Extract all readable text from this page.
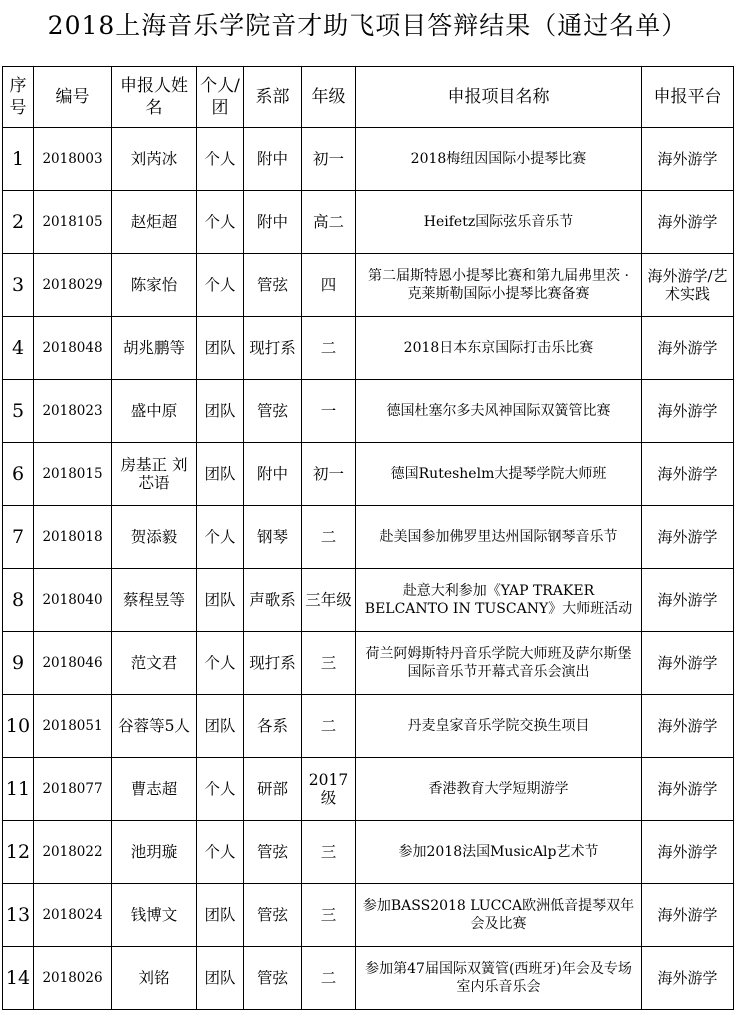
2018上海音乐学院音才助飞项目答辩结果（通过名单）
序号	编号	申报人姓名	个人/团	系部	年级	申报项目名称	申报平台
1	2018003	刘芮冰	个人	附中	初一	2018梅纽因国际小提琴比赛	海外游学
2	2018105	赵炬超	个人	附中	高二	Heifetz国际弦乐音乐节	海外游学
3	2018029	陈家怡	个人	管弦	四	第二届斯特恩小提琴比赛和第九届弗里茨 · 克莱斯勒国际小提琴比赛备赛	海外游学/艺术实践
4	2018048	胡兆鹏等	团队	现打系	二	2018日本东京国际打击乐比赛	海外游学
5	2018023	盛中原	团队	管弦	一	德国杜塞尔多夫风神国际双簧管比赛	海外游学
6	2018015	房基正 刘芯语	团队	附中	初一	德国Ruteshelm大提琴学院大师班	海外游学
7	2018018	贺添毅	个人	钢琴	二	赴美国参加佛罗里达州国际钢琴音乐节	海外游学
8	2018040	蔡程昱等	团队	声歌系	三年级	赴意大利参加《YAP TRAKER BELCANTO IN TUSCANY》大师班活动	海外游学
9	2018046	范文君	个人	现打系	三	荷兰阿姆斯特丹音乐学院大师班及萨尔斯堡国际音乐节开幕式音乐会演出	海外游学
10	2018051	谷蓉等5人	团队	各系	二	丹麦皇家音乐学院交换生项目	海外游学
11	2018077	曹志超	个人	研部	2017级	香港教育大学短期游学	海外游学
12	2018022	池玥璇	个人	管弦	三	参加2018法国MusicAlp艺术节	海外游学
13	2018024	钱博文	团队	管弦	三	参加BASS2018 LUCCA欧洲低音提琴双年会及比赛	海外游学
14	2018026	刘铭	团队	管弦	二	参加第47届国际双簧管(西班牙)年会及专场室内乐音乐会	海外游学
